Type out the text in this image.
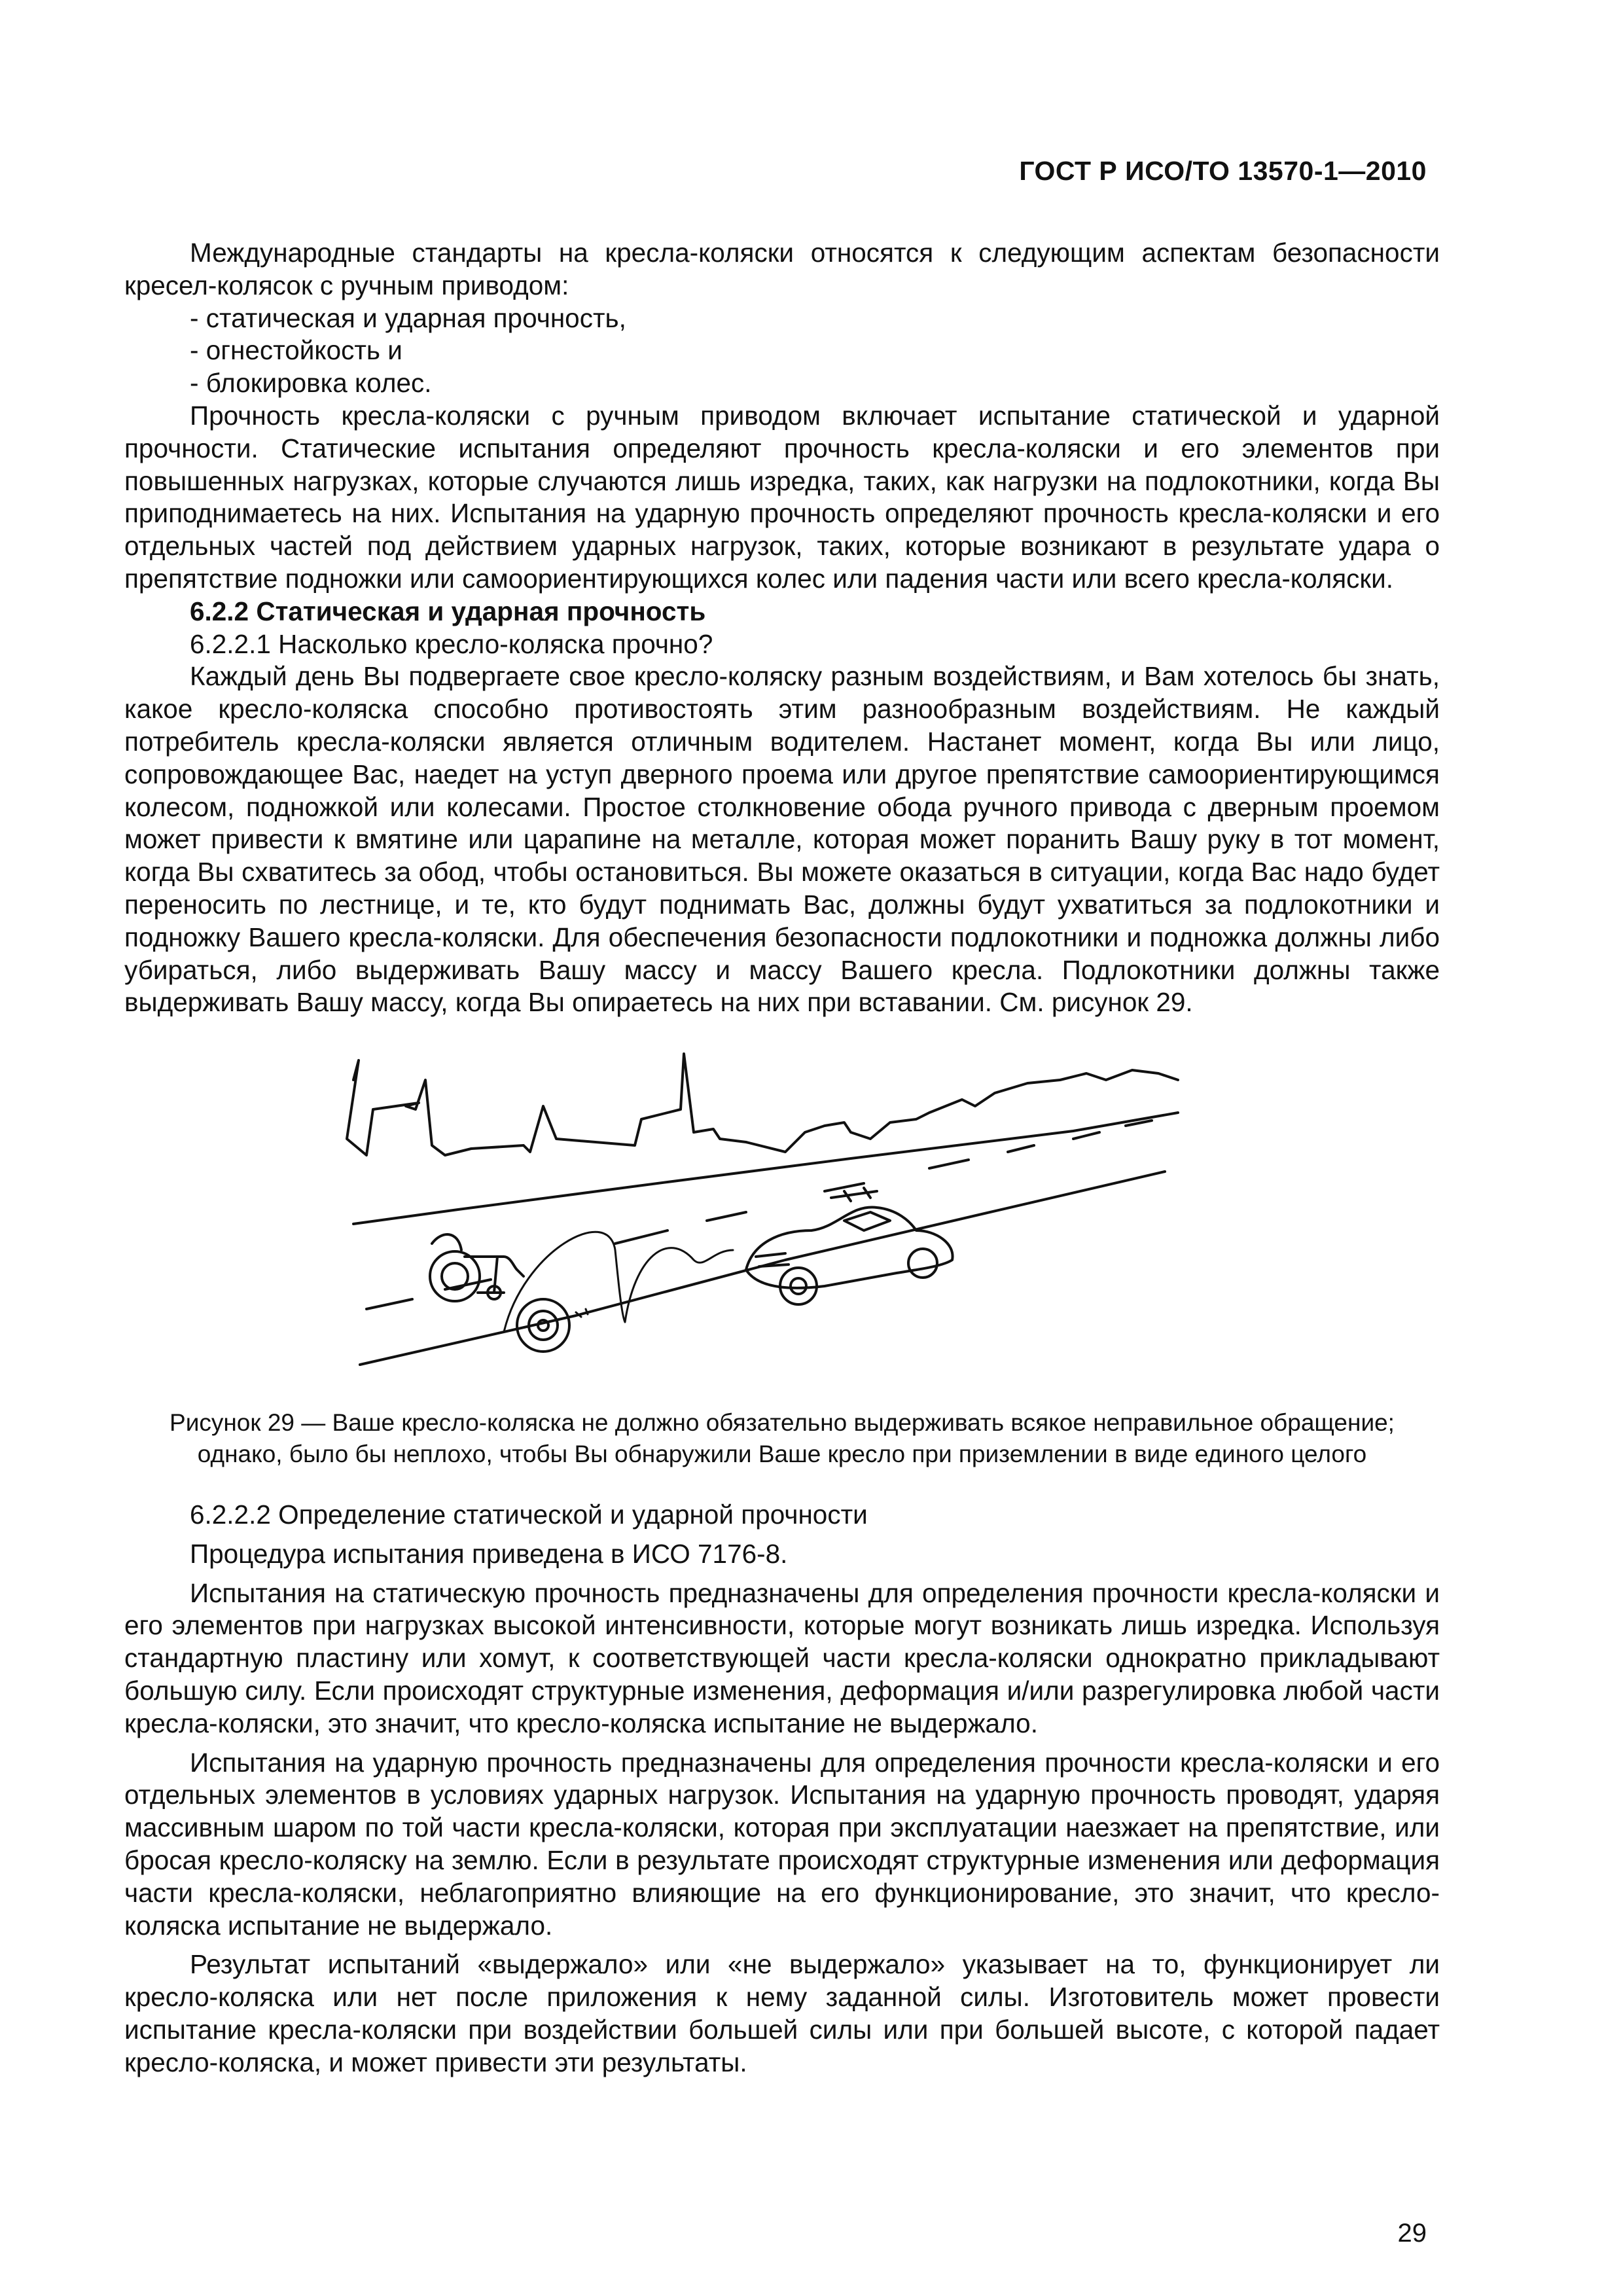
ГОСТ Р ИСО/ТО 13570-1—2010

Международные стандарты на кресла-коляски относятся к следующим аспектам безопасности кресел-колясок с ручным приводом:

- статическая и ударная прочность,
- огнестойкость и
- блокировка колес.

Прочность кресла-коляски с ручным приводом включает испытание статической и ударной прочности. Статические испытания определяют прочность кресла-коляски и его элементов при повышенных нагрузках, которые случаются лишь изредка, таких, как нагрузки на подлокотники, когда Вы приподнимаетесь на них. Испытания на ударную прочность определяют прочность кресла-коляски и его отдельных частей под действием ударных нагрузок, таких, которые возникают в результате удара о препятствие подножки или самоориентирующихся колес или падения части или всего кресла-коляски.

6.2.2 Статическая и ударная прочность

6.2.2.1 Насколько кресло-коляска прочно?

Каждый день Вы подвергаете свое кресло-коляску разным воздействиям, и Вам хотелось бы знать, какое кресло-коляска способно противостоять этим разнообразным воздействиям. Не каждый потребитель кресла-коляски является отличным водителем. Настанет момент, когда Вы или лицо, сопровождающее Вас, наедет на уступ дверного проема или другое препятствие самоориентирующимся колесом, подножкой или колесами. Простое столкновение обода ручного привода с дверным проемом может привести к вмятине или царапине на металле, которая может поранить Вашу руку в тот момент, когда Вы схватитесь за обод, чтобы остановиться. Вы можете оказаться в ситуации, когда Вас надо будет переносить по лестнице, и те, кто будут поднимать Вас, должны будут ухватиться за подлокотники и подножку Вашего кресла-коляски. Для обеспечения безопасности подлокотники и подножка должны либо убираться, либо выдерживать Вашу массу и массу Вашего кресла. Подлокотники должны также выдерживать Вашу массу, когда Вы опираетесь на них при вставании. См. рисунок 29.

Рисунок 29 — Ваше кресло-коляска не должно обязательно выдерживать всякое неправильное обращение;
однако, было бы неплохо, чтобы Вы обнаружили Ваше кресло при приземлении в виде единого целого

6.2.2.2 Определение статической и ударной прочности

Процедура испытания приведена в ИСО 7176-8.

Испытания на статическую прочность предназначены для определения прочности кресла-коляски и его элементов при нагрузках высокой интенсивности, которые могут возникать лишь изредка. Используя стандартную пластину или хомут, к соответствующей части кресла-коляски однократно прикладывают большую силу. Если происходят структурные изменения, деформация и/или разрегулировка любой части кресла-коляски, это значит, что кресло-коляска испытание не выдержало.

Испытания на ударную прочность предназначены для определения прочности кресла-коляски и его отдельных элементов в условиях ударных нагрузок. Испытания на ударную прочность проводят, ударяя массивным шаром по той части кресла-коляски, которая при эксплуатации наезжает на препятствие, или бросая кресло-коляску на землю. Если в результате происходят структурные изменения или деформация части кресла-коляски, неблагоприятно влияющие на его функционирование, это значит, что кресло-коляска испытание не выдержало.

Результат испытаний «выдержало» или «не выдержало» указывает на то, функционирует ли кресло-коляска или нет после приложения к нему заданной силы. Изготовитель может провести испытание кресла-коляски при воздействии большей силы или при большей высоте, с которой падает кресло-коляска, и может привести эти результаты.

29
